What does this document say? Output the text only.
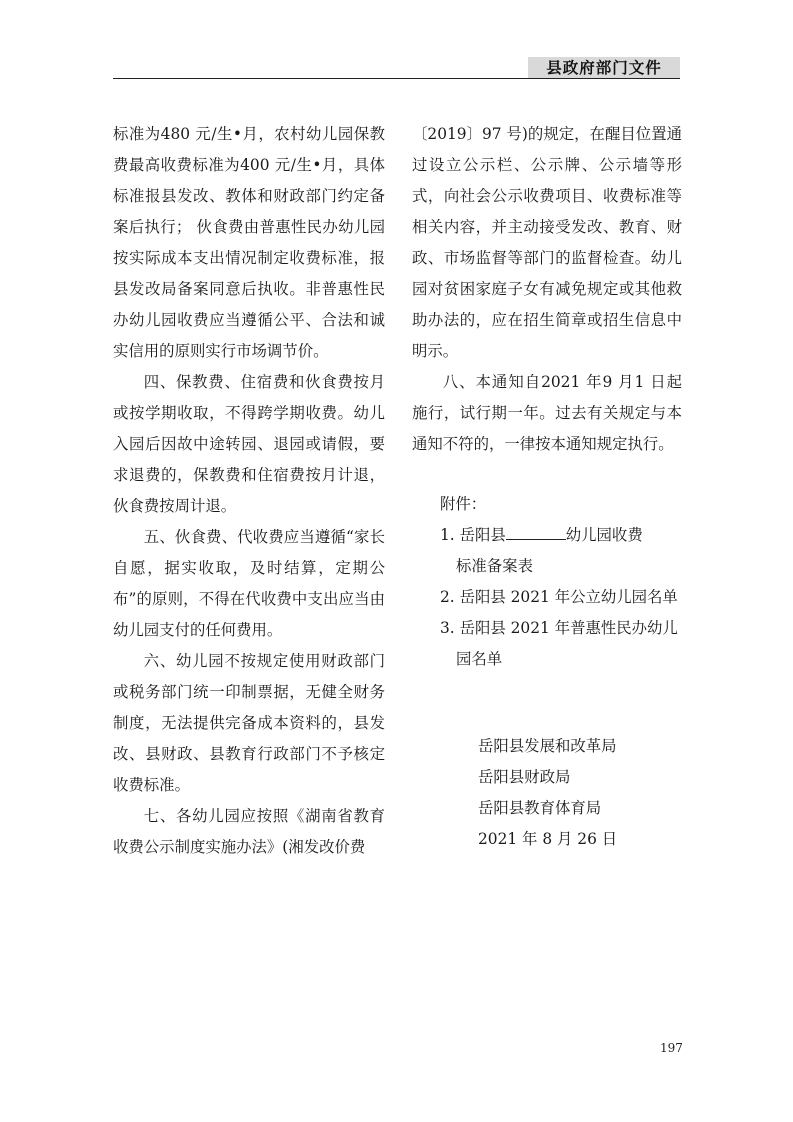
县政府部门文件

标准为480 元/生•月，农村幼儿园保教费最高收费标准为400 元/生•月，具体标准报县发改、教体和财政部门约定备案后执行； 伙食费由普惠性民办幼儿园按实际成本支出情况制定收费标准，报县发改局备案同意后执收。非普惠性民办幼儿园收费应当遵循公平、合法和诚实信用的原则实行市场调节价。

四、保教费、住宿费和伙食费按月或按学期收取，不得跨学期收费。幼儿入园后因故中途转园、退园或请假，要求退费的，保教费和住宿费按月计退，伙食费按周计退。

五、伙食费、代收费应当遵循“家长自愿，据实收取，及时结算，定期公布”的原则，不得在代收费中支出应当由幼儿园支付的任何费用。

六、幼儿园不按规定使用财政部门或税务部门统一印制票据，无健全财务制度，无法提供完备成本资料的，县发改、县财政、县教育行政部门不予核定收费标准。

七、各幼儿园应按照《湖南省教育收费公示制度实施办法》(湘发改价费

〔2019〕97 号)的规定，在醒目位置通过设立公示栏、公示牌、公示墙等形式，向社会公示收费项目、收费标准等相关内容，并主动接受发改、教育、财政、市场监督等部门的监督检查。幼儿园对贫困家庭子女有减免规定或其他救助办法的，应在招生简章或招生信息中明示。

八、本通知自2021 年9 月1 日起施行，试行期一年。过去有关规定与本通知不符的，一律按本通知规定执行。

附件：
1. 岳阳县	幼儿园收费
标准备案表
2. 岳阳县 2021 年公立幼儿园名单
3. 岳阳县 2021 年普惠性民办幼儿
园名单
岳阳县发展和改革局
岳阳县财政局
岳阳县教育体育局
2021 年 8 月 26 日
197
